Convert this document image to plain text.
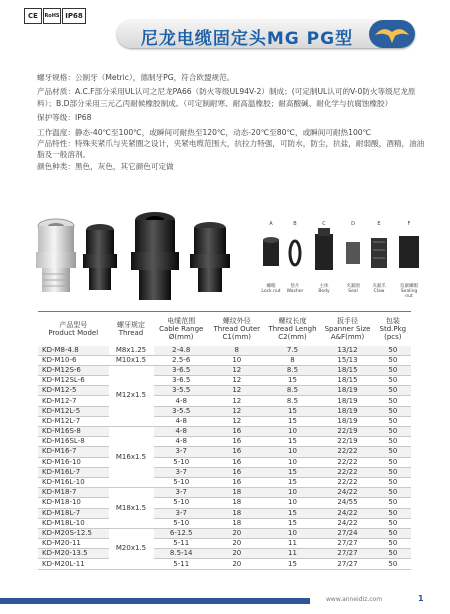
CE	RoHS IP68
尼龙电缆固定头MG PG型

螺牙规格：公制牙（Metric），德制牙PG，符合欧盟规范。

产品材质：A.C.F部分采用UL认可之尼龙PA66（防火等级UL94V-2）制成；(可定制UL认可的V-0防火等级尼龙原料）；B.D部分采用三元乙丙耐候橡胶制成。（可定制耐寒、耐高温橡胶；耐高酸碱、耐化学与抗腐蚀橡胶）

保护等级：IP68

工作温度：静态-40℃至100℃，或瞬间可耐热至120℃，动态-20℃至80℃，或瞬间可耐热100℃

产品特性：特殊夹紧爪与夹紧圈之设计，夹紧电缆范围大，抗拉力特强，可防水，防尘，抗盐，耐弱酸，酒精，油油脂及一般溶剂。

颜色种类：黑色，灰色，其它颜色可定做

A	B	C	D	E	F
螺帽
Lock nut
垫片
Washer
主体
Body
夹紧圈
Seal
夹紧爪
Claw
迫紧螺帽
Sealing nut
产品型号
Product Model	螺牙规定
Thread	电缆范围
Cable Range
Ø(mm)	螺纹外径
Thread Outer
C1(mm)	螺纹长度
Thread Lengh
C2(mm)	扳手径
Spanner Size
A&F(mm)	包装
Std.Pkg
(pcs)
KD-M8-4.8	M8x1.25	2-4.8	8	7.5	13/12	50
KD-M10-6	M10x1.5	2.5-6	10	8	15/13	50
KD-M12S-6	M12x1.5	3-6.5	12	8.5	18/15	50
KD-M12SL-6		3-6.5	12	15	18/15	50
KD-M12-5		3-5.5	12	8.5	18/19	50
KD-M12-7		4-8	12	8.5	18/19	50
KD-M12L-5		3-5.5	12	15	18/19	50
KD-M12L-7		4-8	12	15	18/19	50
KD-M16S-8	M16x1.5	4-8	16	10	22/19	50
KD-M16SL-8		4-8	16	15	22/19	50
KD-M16-7		3-7	16	10	22/22	50
KD-M16-10		5-10	16	10	22/22	50
KD-M16L-7		3-7	16	15	22/22	50
KD-M16L-10		5-10	16	15	22/22	50
KD-M18-7	M18x1.5	3-7	18	10	24/22	50
KD-M18-10		5-10	18	10	24/55	50
KD-M18L-7		3-7	18	15	24/22	50
KD-M18L-10		5-10	18	15	24/22	50
KD-M20S-12.5	M20x1.5	6-12.5	20	10	27/24	50
KD-M20-11		5-11	20	11	27/27	50
KD-M20-13.5		8.5-14	20	11	27/27	50
KD-M20L-11		5-11	20	15	27/27	50
www.anneidiz.com	1
